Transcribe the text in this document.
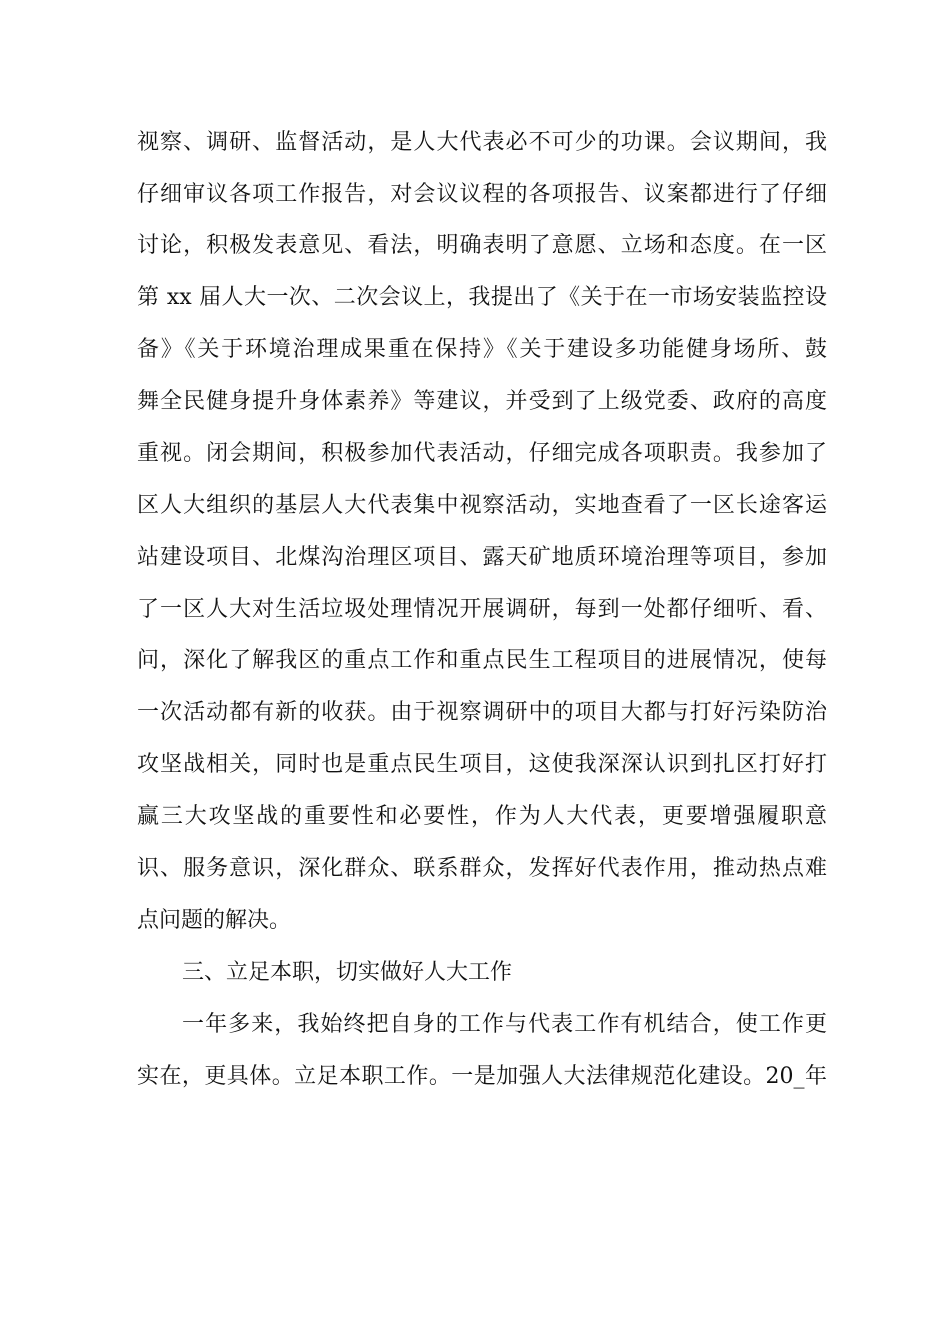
视察、调研、监督活动，是人大代表必不可少的功课。会议期间，我
仔细审议各项工作报告，对会议议程的各项报告、议案都进行了仔细
讨论，积极发表意见、看法，明确表明了意愿、立场和态度。在一区
第 xx 届人大一次、二次会议上，我提出了《关于在一市场安装监控设
备》《关于环境治理成果重在保持》《关于建设多功能健身场所、鼓
舞全民健身提升身体素养》等建议，并受到了上级党委、政府的高度
重视。闭会期间，积极参加代表活动，仔细完成各项职责。我参加了
区人大组织的基层人大代表集中视察活动，实地查看了一区长途客运
站建设项目、北煤沟治理区项目、露天矿地质环境治理等项目，参加
了一区人大对生活垃圾处理情况开展调研，每到一处都仔细听、看、
问，深化了解我区的重点工作和重点民生工程项目的进展情况，使每
一次活动都有新的收获。由于视察调研中的项目大都与打好污染防治
攻坚战相关，同时也是重点民生项目，这使我深深认识到扎区打好打
赢三大攻坚战的重要性和必要性，作为人大代表，更要增强履职意
识、服务意识，深化群众、联系群众，发挥好代表作用，推动热点难
点问题的解决。
三、立足本职，切实做好人大工作
一年多来，我始终把自身的工作与代表工作有机结合，使工作更
实在，更具体。立足本职工作。一是加强人大法律规范化建设。20_年
